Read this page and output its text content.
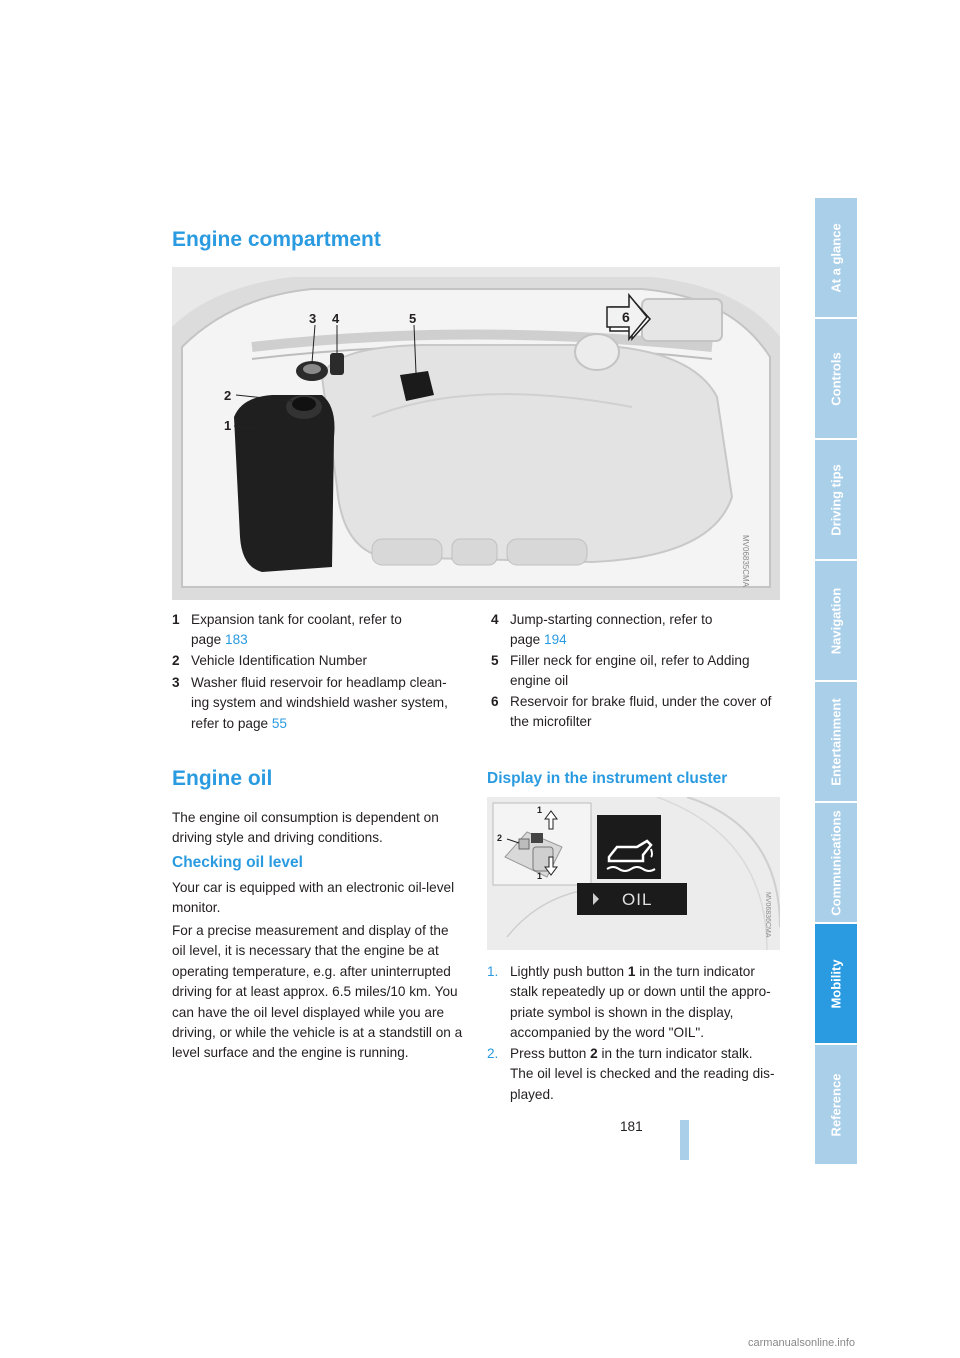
Engine compartment
3 4	5	6
2
1
MV06835CMA
1 Expansion tank for coolant, refer to
page 183
2 Vehicle Identification Number
3 Washer fluid reservoir for headlamp clean-
ing system and windshield washer system,
refer to page 55
4 Jump-starting connection, refer to
page 194
5 Filler neck for engine oil, refer to Adding
engine oil
6 Reservoir for brake fluid, under the cover of
the microfilter
Engine oil

The engine oil consumption is dependent on
driving style and driving conditions.

Checking oil level

Your car is equipped with an electronic oil-level
monitor.

For a precise measurement and display of the
oil level, it is necessary that the engine be at
operating temperature, e.g. after uninterrupted
driving for at least approx. 6.5 miles/10 km. You
can have the oil level displayed while you are
driving, or while the vehicle is at a standstill on a
level surface and the engine is running.

Display in the instrument cluster
1
2
1
OIL	MV06836CMA
1. Lightly push button 1 in the turn indicator
stalk repeatedly up or down until the appro-
priate symbol is shown in the display,
accompanied by the word "OIL".
2. Press button 2 in the turn indicator stalk.
The oil level is checked and the reading dis-
played.
At a glance
Controls
Driving tips
Navigation
Entertainment
Communications
Mobility
Reference
181
carmanualsonline.info
